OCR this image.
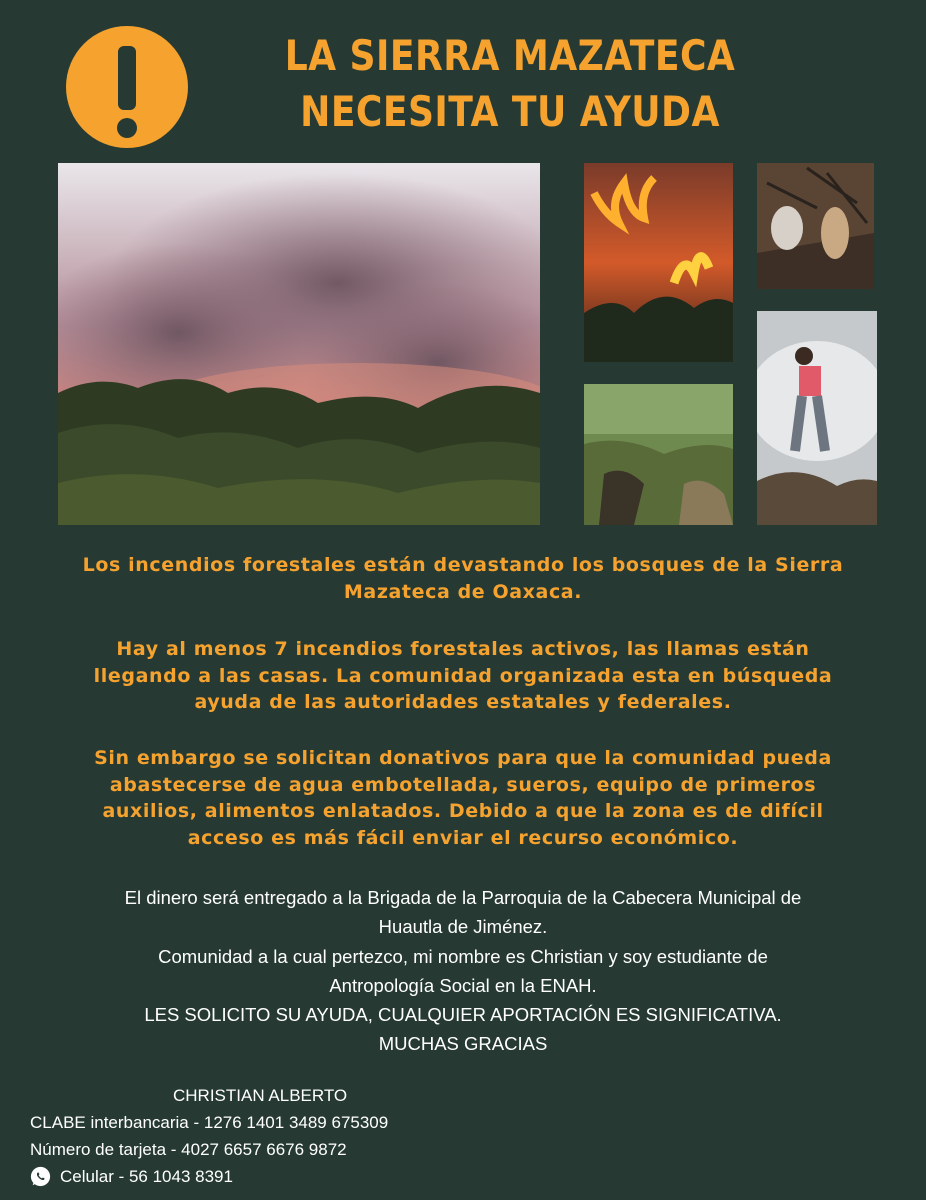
LA SIERRA MAZATECA
NECESITA TU AYUDA
Los incendios forestales están devastando los bosques de la Sierra
Mazateca de Oaxaca.
Hay al menos 7 incendios forestales activos, las llamas están
llegando a las casas. La comunidad organizada esta en búsqueda
ayuda de las autoridades estatales y federales.
Sin embargo se solicitan donativos para que la comunidad pueda
abastecerse de agua embotellada, sueros, equipo de primeros
auxilios, alimentos enlatados. Debido a que la zona es de difícil
acceso es más fácil enviar el recurso económico.
El dinero será entregado a la Brigada de la Parroquia de la Cabecera Municipal de
Huautla de Jiménez.
Comunidad a la cual pertezco, mi nombre es Christian y soy estudiante de
Antropología Social en la ENAH.
LES SOLICITO SU AYUDA, CUALQUIER APORTACIÓN ES SIGNIFICATIVA.
MUCHAS GRACIAS
CHRISTIAN ALBERTO
CLABE interbancaria - 1276 1401 3489 675309
Número de tarjeta - 4027 6657 6676 9872
Celular - 56 1043 8391
